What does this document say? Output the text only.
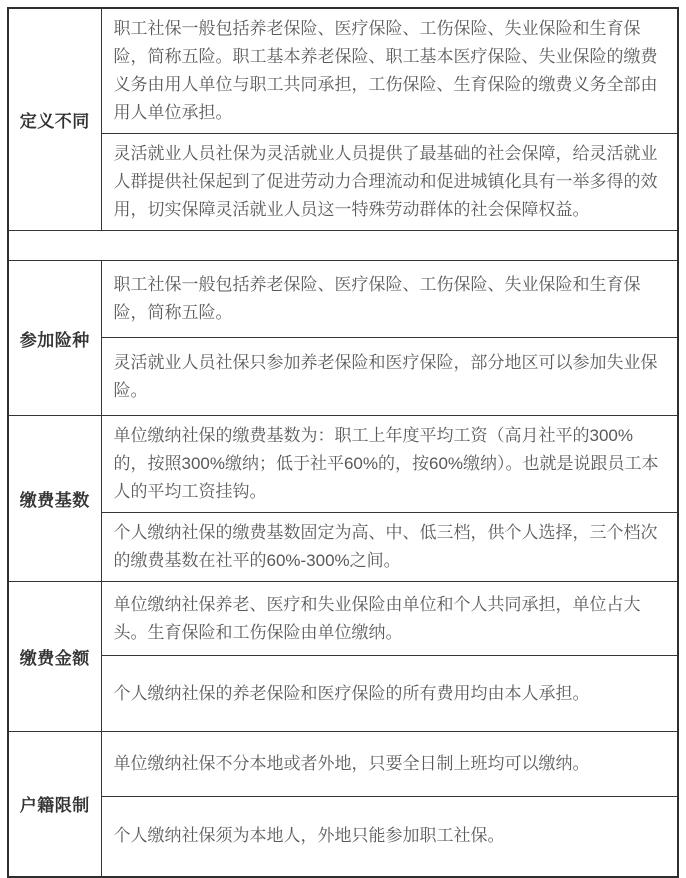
定义不同	职工社保一般包括养老保险、医疗保险、工伤保险、失业保险和生育保险，简称五险。职工基本养老保险、职工基本医疗保险、失业保险的缴费义务由用人单位与职工共同承担，工伤保险、生育保险的缴费义务全部由用人单位承担。
	灵活就业人员社保为灵活就业人员提供了最基础的社会保障，给灵活就业人群提供社保起到了促进劳动力合理流动和促进城镇化具有一举多得的效用，切实保障灵活就业人员这一特殊劳动群体的社会保障权益。

参加险种	职工社保一般包括养老保险、医疗保险、工伤保险、失业保险和生育保险，简称五险。
	灵活就业人员社保只参加养老保险和医疗保险，部分地区可以参加失业保险。
缴费基数	单位缴纳社保的缴费基数为：职工上年度平均工资（高月社平的300%的，按照300%缴纳；低于社平60%的，按60%缴纳）。也就是说跟员工本人的平均工资挂钩。
	个人缴纳社保的缴费基数固定为高、中、低三档，供个人选择，三个档次的缴费基数在社平的60%-300%之间。
缴费金额	单位缴纳社保养老、医疗和失业保险由单位和个人共同承担，单位占大头。生育保险和工伤保险由单位缴纳。
	个人缴纳社保的养老保险和医疗保险的所有费用均由本人承担。
户籍限制	单位缴纳社保不分本地或者外地，只要全日制上班均可以缴纳。
	个人缴纳社保须为本地人，外地只能参加职工社保。
